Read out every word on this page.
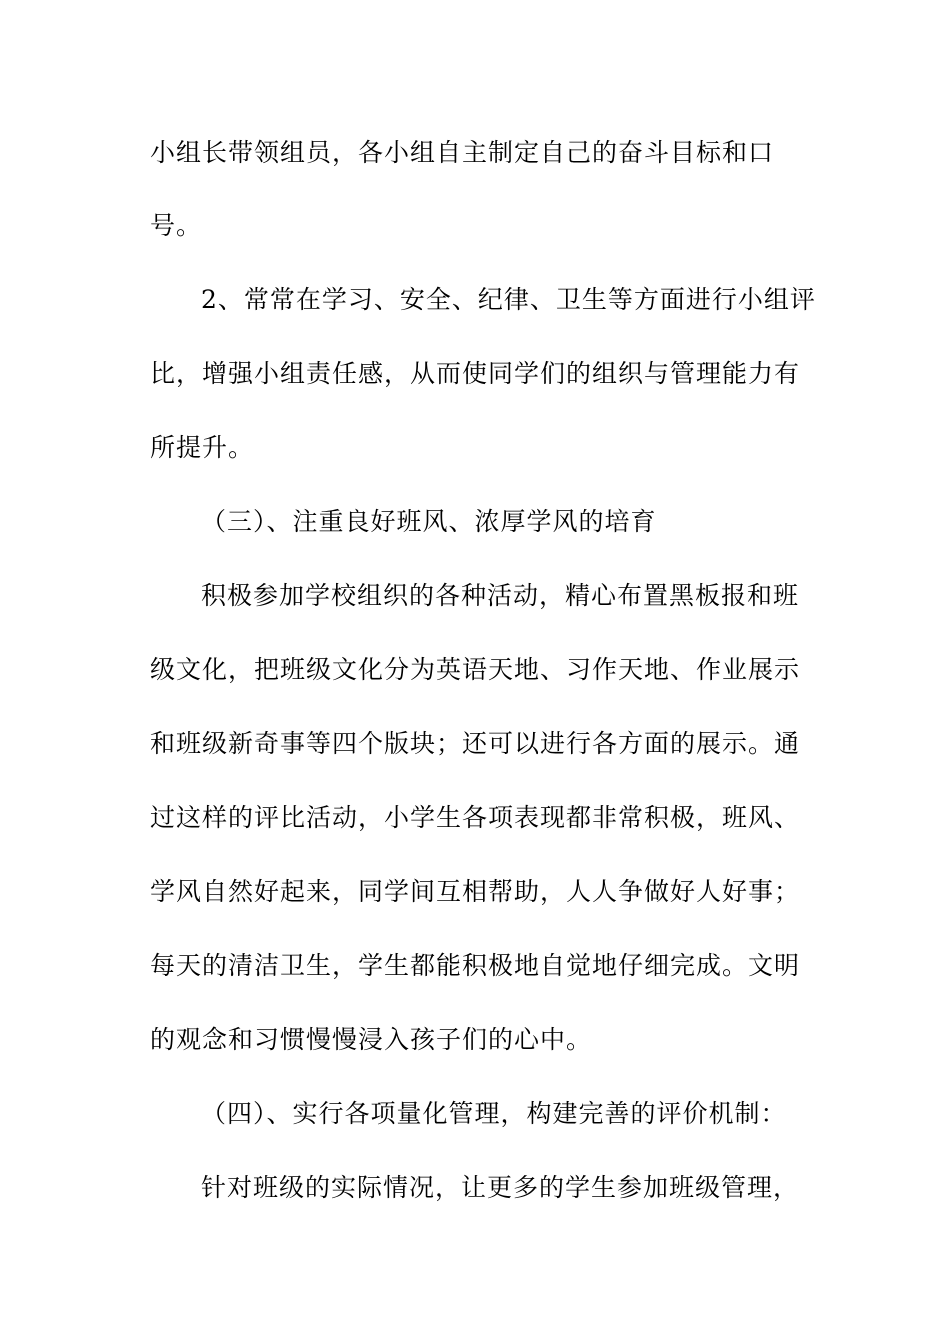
小组长带领组员，各小组自主制定自己的奋斗目标和口
号。
2、常常在学习、安全、纪律、卫生等方面进行小组评
比，增强小组责任感，从而使同学们的组织与管理能力有
所提升。
（三）、注重良好班风、浓厚学风的培育
积极参加学校组织的各种活动，精心布置黑板报和班
级文化，把班级文化分为英语天地、习作天地、作业展示
和班级新奇事等四个版块；还可以进行各方面的展示。通
过这样的评比活动，小学生各项表现都非常积极，班风、
学风自然好起来，同学间互相帮助，人人争做好人好事；
每天的清洁卫生，学生都能积极地自觉地仔细完成。文明
的观念和习惯慢慢浸入孩子们的心中。
（四）、实行各项量化管理，构建完善的评价机制：
针对班级的实际情况，让更多的学生参加班级管理，
